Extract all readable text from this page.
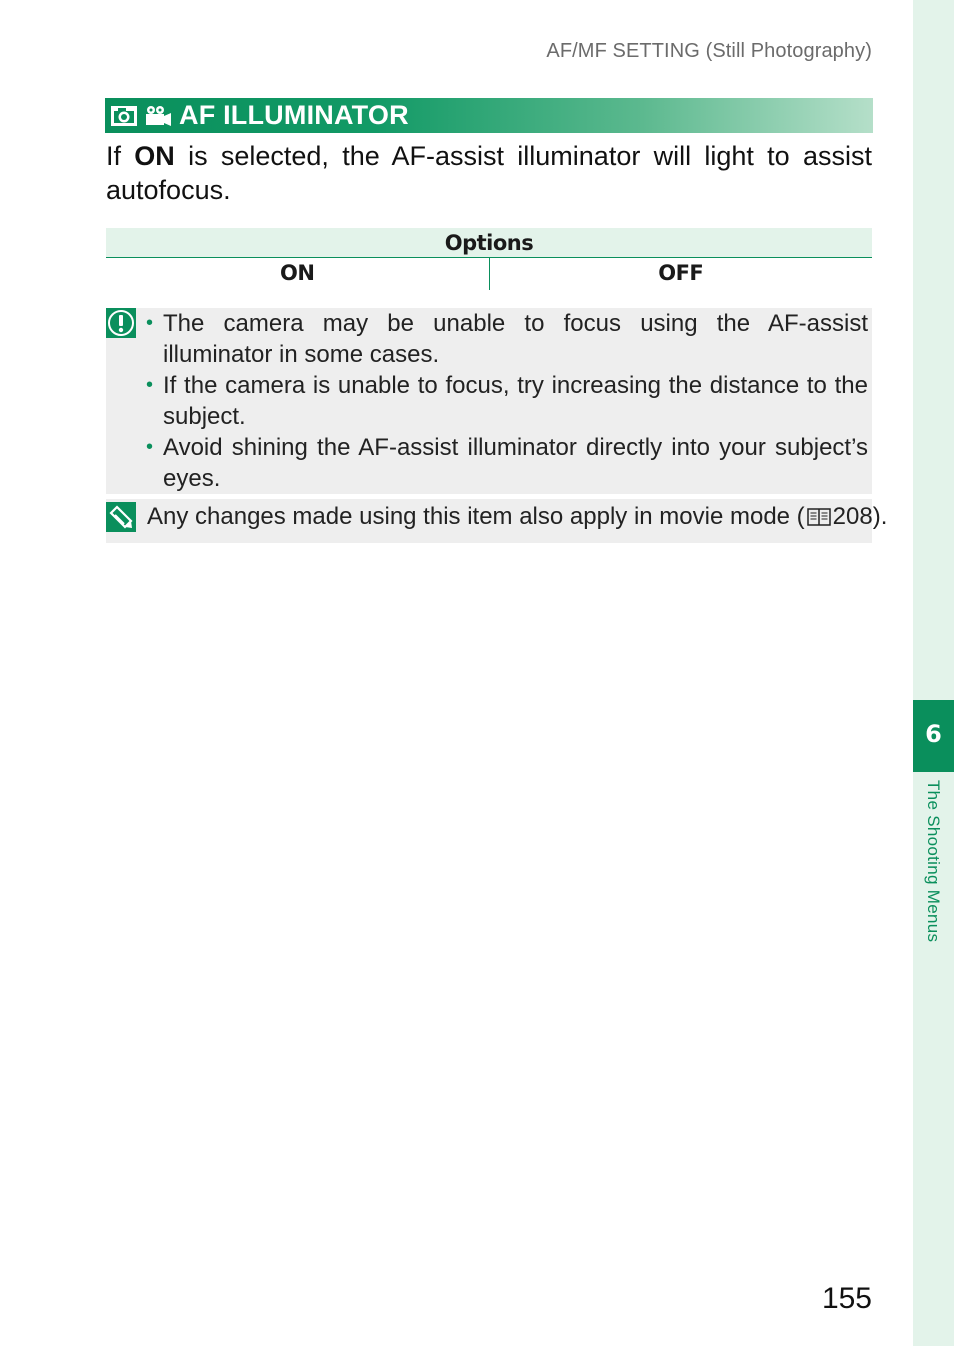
AF/MF SETTING (Still Photography)
AF ILLUMINATOR

If ON is selected, the AF-assist illuminator will light to assist autofocus.

Options
ON	OFF
• The camera may be unable to focus using the AF-assist illuminator in some cases.
• If the camera is unable to focus, try increasing the distance to the subject.
• Avoid shining the AF-assist illuminator directly into your subject’s eyes.
Any changes made using this item also apply in movie mode ( 208).
155
6
The Shooting Menus
